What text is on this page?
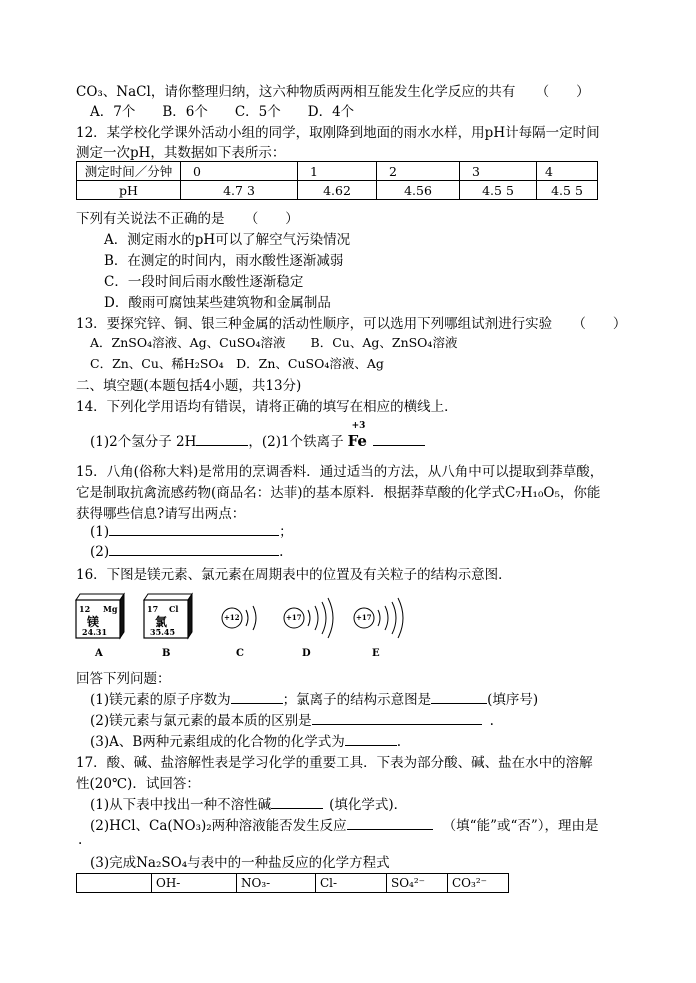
CO₃、NaCl，请你整理归纳，这六种物质两两相互能发生化学反应的共有　　（　　）
A．7个　　B．6个　　C．5个　　D．4个
12．某学校化学课外活动小组的同学，取刚降到地面的雨水水样，用pH计每隔一定时间
测定一次pH，其数据如下表所示：
测定时间／分钟	0	1	2	3	4
pH	4.7 3	4.62	4.56	4.5 5	4.5 5
下列有关说法不正确的是　　（　　）
A．测定雨水的pH可以了解空气污染情况
B．在测定的时间内，雨水酸性逐渐减弱
C．一段时间后雨水酸性逐渐稳定
D．酸雨可腐蚀某些建筑物和金属制品
13．要探究锌、铜、银三种金属的活动性顺序，可以选用下列哪组试剂进行实验　　（　　）
A．ZnSO₄溶液、Ag、CuSO₄溶液　　B．Cu、Ag、ZnSO₄溶液
C．Zn、Cu、稀H₂SO₄　D．Zn、CuSO₄溶液、Ag
二、填空题(本题包括4小题，共13分)
14．下列化学用语均有错误，请将正确的填写在相应的横线上．
(1)2个氢分子 2H	，(2)1个铁离子
+3
Fe
15．八角(俗称大料)是常用的烹调香料．通过适当的方法，从八角中可以提取到莽草酸，
它是制取抗禽流感药物(商品名：达菲)的基本原料．根据莽草酸的化学式C₇H₁₀O₅，你能
获得哪些信息?请写出两点：
(1)	；
(2)	.
16．下图是镁元素、氯元素在周期表中的位置及有关粒子的结构示意图．
12 Mg
镁
24.31
17 Cl
氯
35.45
+12	+17	+17
A	B	C	D	E
回答下列问题：
(1)镁元素的原子序数为	；氯离子的结构示意图是	(填序号)
(2)镁元素与氯元素的最本质的区别是	.
(3)A、B两种元素组成的化合物的化学式为	.
17．酸、碱、盐溶解性表是学习化学的重要工具．下表为部分酸、碱、盐在水中的溶解
性(20℃)．试回答：
(1)从下表中找出一种不溶性碱	(填化学式)．
(2)HCl、Ca(NO₃)₂两种溶液能否发生反应	（填“能”或“否”），理由是
.
(3)完成Na₂SO₄与表中的一种盐反应的化学方程式
	OH-	NO₃-	Cl-	SO₄²⁻	CO₃²⁻
